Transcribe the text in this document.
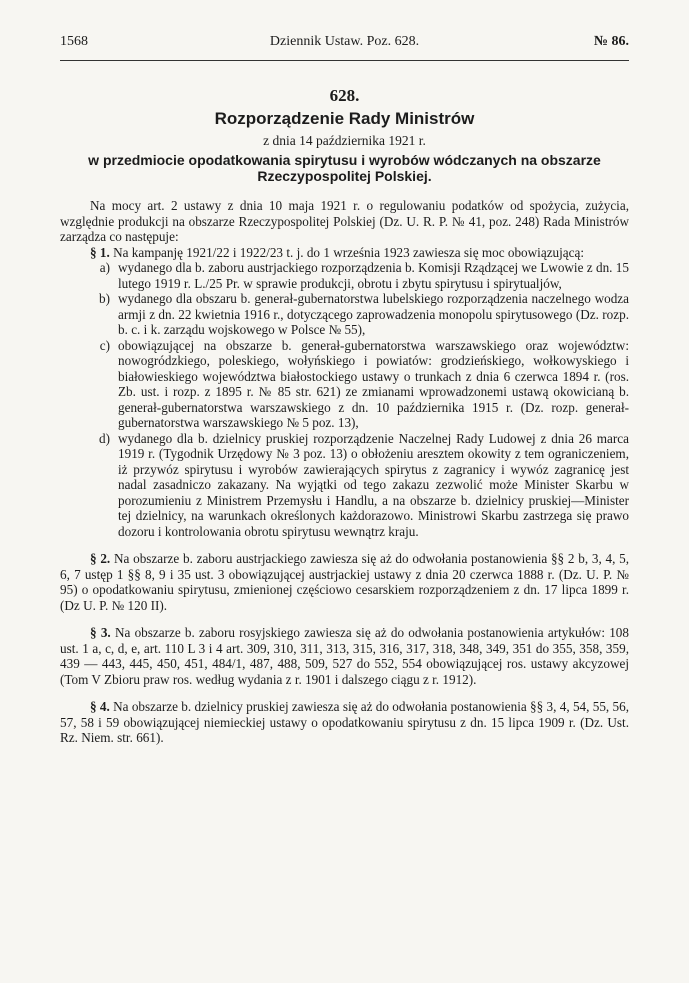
1568	Dziennik Ustaw. Poz. 628.	№ 86.
628.
Rozporządzenie Rady Ministrów
z dnia 14 października 1921 r.
w przedmiocie opodatkowania spirytusu i wyrobów wódczanych na obszarze Rzeczypospolitej Polskiej.

Na mocy art. 2 ustawy z dnia 10 maja 1921 r. o regulowaniu podatków od spożycia, zużycia, względnie produkcji na obszarze Rzeczypospolitej Polskiej (Dz. U. R. P. № 41, poz. 248) Rada Ministrów zarządza co następuje:

§ 1. Na kampanję 1921/22 i 1922/23 t. j. do 1 września 1923 zawiesza się moc obowiązującą:

a) wydanego dla b. zaboru austrjackiego rozporządzenia b. Komisji Rządzącej we Lwowie z dn. 15 lutego 1919 r. L./25 Pr. w sprawie produkcji, obrotu i zbytu spirytusu i spirytualjów,
b) wydanego dla obszaru b. generał-gubernatorstwa lubelskiego rozporządzenia naczelnego wodza armji z dn. 22 kwietnia 1916 r., dotyczącego zaprowadzenia monopolu spirytusowego (Dz. rozp. b. c. i k. zarządu wojskowego w Polsce № 55),
c) obowiązującej na obszarze b. generał-gubernatorstwa warszawskiego oraz województw: nowogródzkiego, poleskiego, wołyńskiego i powiatów: grodzieńskiego, wołkowyskiego i białowieskiego województwa białostockiego ustawy o trunkach z dnia 6 czerwca 1894 r. (ros. Zb. ust. i rozp. z 1895 r. № 85 str. 621) ze zmianami wprowadzonemi ustawą okowicianą b. generał-gubernatorstwa warszawskiego z dn. 10 października 1915 r. (Dz. rozp. generał-gubernatorstwa warszawskiego № 5 poz. 13),
d) wydanego dla b. dzielnicy pruskiej rozporządzenie Naczelnej Rady Ludowej z dnia 26 marca 1919 r. (Tygodnik Urzędowy № 3 poz. 13) o obłożeniu aresztem okowity z tem ograniczeniem, iż przywóz spirytusu i wyrobów zawierających spirytus z zagranicy i wywóz zagranicę jest nadal zasadniczo zakazany. Na wyjątki od tego zakazu zezwolić może Minister Skarbu w porozumieniu z Ministrem Przemysłu i Handlu, a na obszarze b. dzielnicy pruskiej—Minister tej dzielnicy, na warunkach określonych każdorazowo. Ministrowi Skarbu zastrzega się prawo dozoru i kontrolowania obrotu spirytusu wewnątrz kraju.

§ 2. Na obszarze b. zaboru austrjackiego zawiesza się aż do odwołania postanowienia §§ 2 b, 3, 4, 5, 6, 7 ustęp 1 §§ 8, 9 i 35 ust. 3 obowiązującej austrjackiej ustawy z dnia 20 czerwca 1888 r. (Dz. U. P. № 95) o opodatkowaniu spirytusu, zmienionej częściowo cesarskiem rozporządzeniem z dn. 17 lipca 1899 r. (Dz U. P. № 120 II).

§ 3. Na obszarze b. zaboru rosyjskiego zawiesza się aż do odwołania postanowienia artykułów: 108 ust. 1 a, c, d, e, art. 110 L 3 i 4 art. 309, 310, 311, 313, 315, 316, 317, 318, 348, 349, 351 do 355, 358, 359, 439 — 443, 445, 450, 451, 484/1, 487, 488, 509, 527 do 552, 554 obowiązującej ros. ustawy akcyzowej (Tom V Zbioru praw ros. według wydania z r. 1901 i dalszego ciągu z r. 1912).

§ 4. Na obszarze b. dzielnicy pruskiej zawiesza się aż do odwołania postanowienia §§ 3, 4, 54, 55, 56, 57, 58 i 59 obowiązującej niemieckiej ustawy o opodatkowaniu spirytusu z dn. 15 lipca 1909 r. (Dz. Ust. Rz. Niem. str. 661).
